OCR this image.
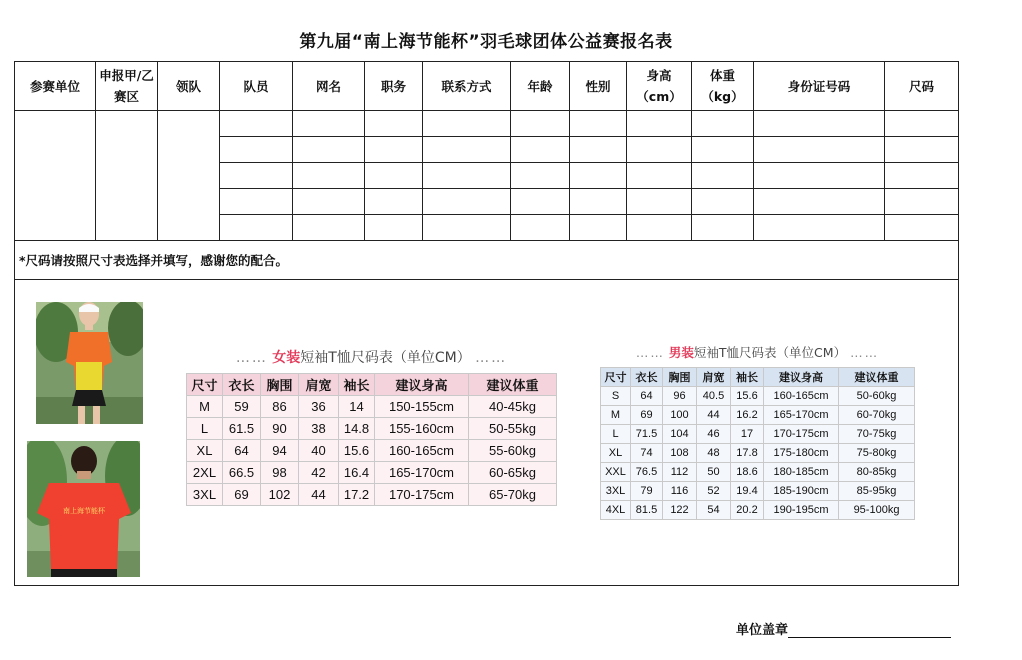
第九届“南上海节能杯”羽毛球团体公益赛报名表
参赛单位	申报甲/乙赛区	领队	队员	网名	职务	联系方式	年龄	性别	身高（cm）	体重（kg）	身份证号码	尺码

*尺码请按照尺寸表选择并填写，感谢您的配合。												

南上海节能杯
…… 女装短袖T恤尺码表（单位CM） ……
尺寸	衣长	胸围	肩宽	袖长	建议身高	建议体重
M	59	86	36	14	150-155cm	40-45kg
L	61.5	90	38	14.8	155-160cm	50-55kg
XL	64	94	40	15.6	160-165cm	55-60kg
2XL	66.5	98	42	16.4	165-170cm	60-65kg
3XL	69	102	44	17.2	170-175cm	65-70kg
…… 男装短袖T恤尺码表（单位CM） ……
尺寸	衣长	胸围	肩宽	袖长	建议身高	建议体重
S	64	96	40.5	15.6	160-165cm	50-60kg
M	69	100	44	16.2	165-170cm	60-70kg
L	71.5	104	46	17	170-175cm	70-75kg
XL	74	108	48	17.8	175-180cm	75-80kg
XXL	76.5	112	50	18.6	180-185cm	80-85kg
3XL	79	116	52	19.4	185-190cm	85-95kg
4XL	81.5	122	54	20.2	190-195cm	95-100kg
单位盖章
